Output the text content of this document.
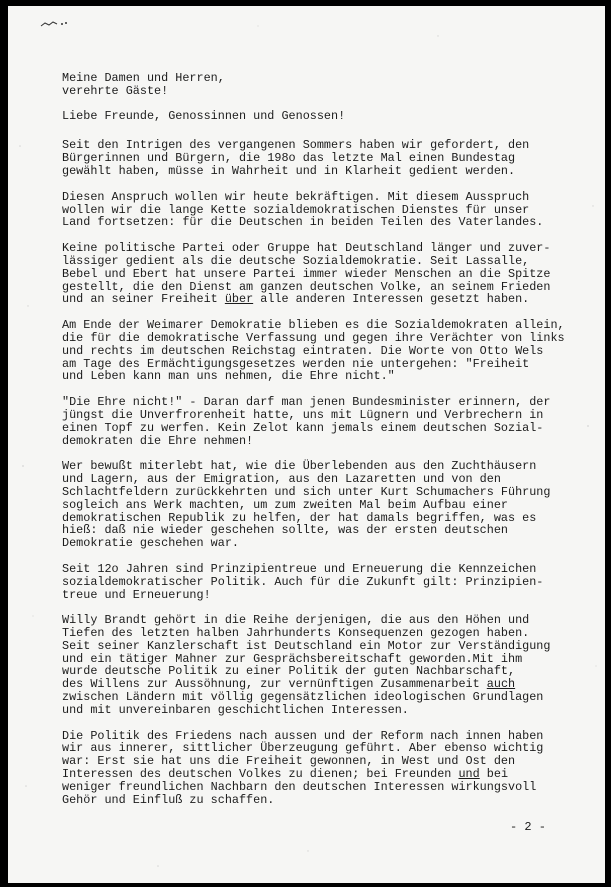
Meine Damen und Herren,

verehrte Gäste!

Liebe Freunde, Genossinnen und Genossen!

Seit den Intrigen des vergangenen Sommers haben wir gefordert, den
Bürgerinnen und Bürgern, die 198o das letzte Mal einen Bundestag
gewählt haben, müsse in Wahrheit und in Klarheit gedient werden.

Diesen Anspruch wollen wir heute bekräftigen. Mit diesem Ausspruch
wollen wir die lange Kette sozialdemokratischen Dienstes für unser
Land fortsetzen: für die Deutschen in beiden Teilen des Vaterlandes.

Keine politische Partei oder Gruppe hat Deutschland länger und zuver-
lässiger gedient als die deutsche Sozialdemokratie. Seit Lassalle,
Bebel und Ebert hat unsere Partei immer wieder Menschen an die Spitze
gestellt, die den Dienst am ganzen deutschen Volke, an seinem Frieden
und an seiner Freiheit über alle anderen Interessen gesetzt haben.

Am Ende der Weimarer Demokratie blieben es die Sozialdemokraten allein,
die für die demokratische Verfassung und gegen ihre Verächter von links
und rechts im deutschen Reichstag eintraten. Die Worte von Otto Wels
am Tage des Ermächtigungsgesetzes werden nie untergehen: "Freiheit
und Leben kann man uns nehmen, die Ehre nicht."

"Die Ehre nicht!" - Daran darf man jenen Bundesminister erinnern, der
jüngst die Unverfrorenheit hatte, uns mit Lügnern und Verbrechern in
einen Topf zu werfen. Kein Zelot kann jemals einem deutschen Sozial-
demokraten die Ehre nehmen!

Wer bewußt miterlebt hat, wie die Überlebenden aus den Zuchthäusern
und Lagern, aus der Emigration, aus den Lazaretten und von den
Schlachtfeldern zurückkehrten und sich unter Kurt Schumachers Führung
sogleich ans Werk machten, um zum zweiten Mal beim Aufbau einer
demokratischen Republik zu helfen, der hat damals begriffen, was es
hieß: daß nie wieder geschehen sollte, was der ersten deutschen
Demokratie geschehen war.

Seit 12o Jahren sind Prinzipientreue und Erneuerung die Kennzeichen
sozialdemokratischer Politik. Auch für die Zukunft gilt: Prinzipien-
treue und Erneuerung!

Willy Brandt gehört in die Reihe derjenigen, die aus den Höhen und
Tiefen des letzten halben Jahrhunderts Konsequenzen gezogen haben.
Seit seiner Kanzlerschaft ist Deutschland ein Motor zur Verständigung
und ein tätiger Mahner zur Gesprächsbereitschaft geworden.Mit ihm
wurde deutsche Politik zu einer Politik der guten Nachbarschaft,
des Willens zur Aussöhnung, zur vernünftigen Zusammenarbeit auch
zwischen Ländern mit völlig gegensätzlichen ideologischen Grundlagen
und mit unvereinbaren geschichtlichen Interessen.

Die Politik des Friedens nach aussen und der Reform nach innen haben
wir aus innerer, sittlicher Überzeugung geführt. Aber ebenso wichtig
war: Erst sie hat uns die Freiheit gewonnen, in West und Ost den
Interessen des deutschen Volkes zu dienen; bei Freunden und bei
weniger freundlichen Nachbarn den deutschen Interessen wirkungsvoll
Gehör und Einfluß zu schaffen.

- 2 -
